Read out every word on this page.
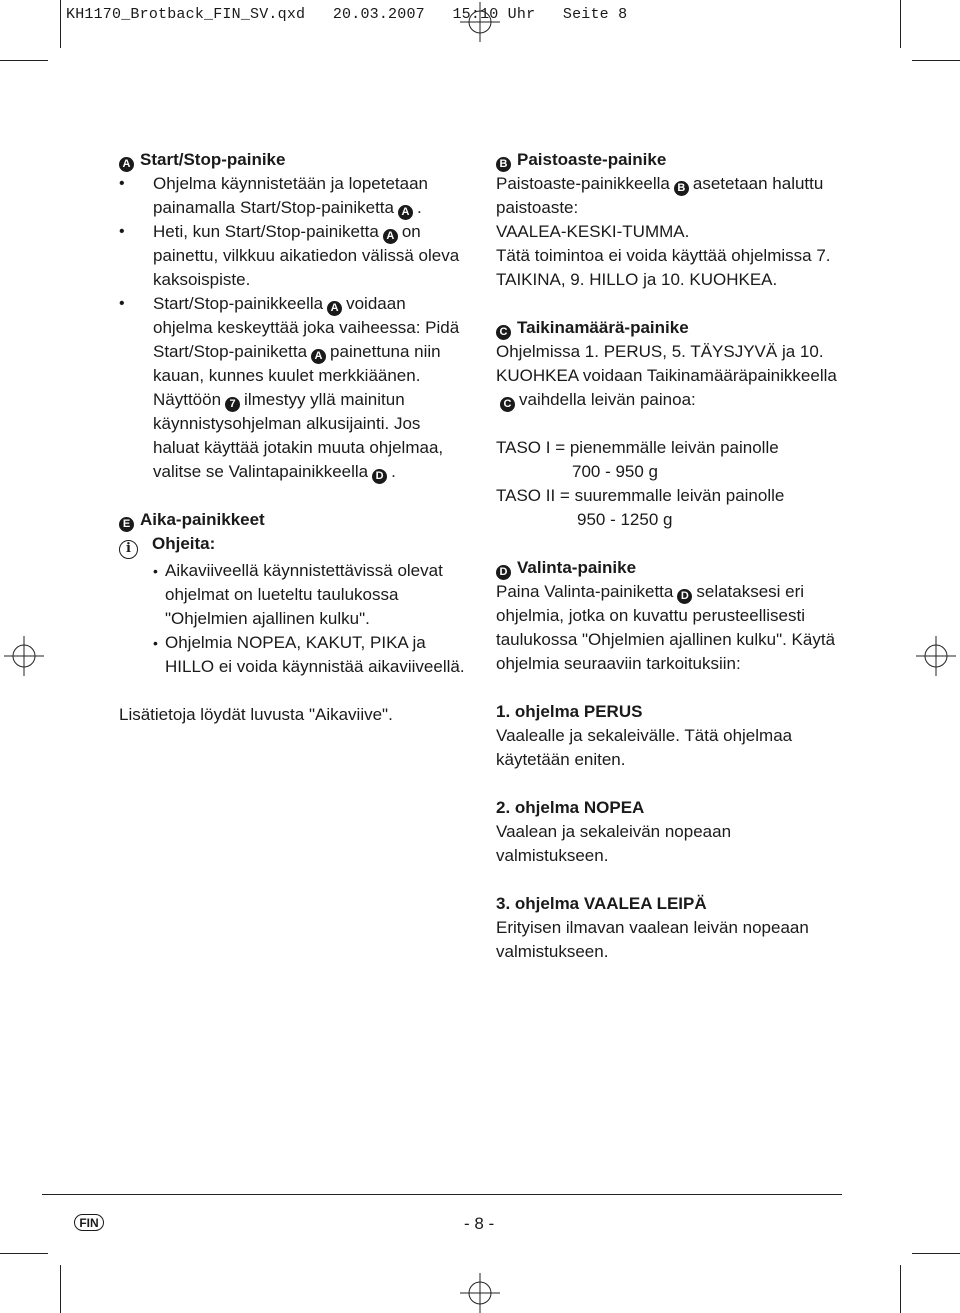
KH1170_Brotback_FIN_SV.qxd   20.03.2007   15:10 Uhr   Seite 8

A Start/Stop-painike

• Ohjelma käynnistetään ja lopetetaan painamalla Start/Stop-painiketta A .

• Heti, kun Start/Stop-painiketta A on painettu, vilkkuu aikatiedon välissä oleva kaksoispiste.

• Start/Stop-painikkeella A voidaan ohjelma keskeyttää joka vaiheessa: Pidä Start/Stop-painiketta A painettuna niin kauan, kunnes kuulet merkkiäänen. Näyttöön 7 ilmestyy yllä mainitun käynnistysohjelman alkusijainti. Jos haluat käyttää jotakin muuta ohjelmaa, valitse se Valintapainikkeella D .

E Aika-painikkeet

i Ohjeita:

• Aikaviiveellä käynnistettävissä olevat ohjelmat on lueteltu taulukossa "Ohjelmien ajallinen kulku".

• Ohjelmia NOPEA, KAKUT, PIKA ja HILLO ei voida käynnistää aikaviiveellä.

Lisätietoja löydät luvusta "Aikaviive".

B Paistoaste-painike

Paistoaste-painikkeella B asetetaan haluttu paistoaste:

VAALEA-KESKI-TUMMA.

Tätä toimintoa ei voida käyttää ohjelmissa 7. TAIKINA, 9. HILLO ja 10. KUOHKEA.

C Taikinamäärä-painike

Ohjelmissa 1. PERUS, 5. TÄYSJYVÄ ja 10. KUOHKEA voidaan TaikinamääräpainikkeellaC vaihdella leivän painoa:

TASO I = pienemmälle leivän painolle

700 - 950 g

TASO II = suuremmalle leivän painolle

950 - 1250 g

D Valinta-painike

Paina Valinta-painiketta D selataksesi eri ohjelmia, jotka on kuvattu perusteellisesti taulukossa "Ohjelmien ajallinen kulku". Käytä ohjelmia seuraaviin tarkoituksiin:

1. ohjelma PERUS

Vaalealle ja sekaleivälle. Tätä ohjelmaa käytetään eniten.

2. ohjelma NOPEA

Vaalean ja sekaleivän nopeaan valmistukseen.

3. ohjelma VAALEA LEIPÄ

Erityisen ilmavan vaalean leivän nopeaan valmistukseen.

FIN	- 8 -
